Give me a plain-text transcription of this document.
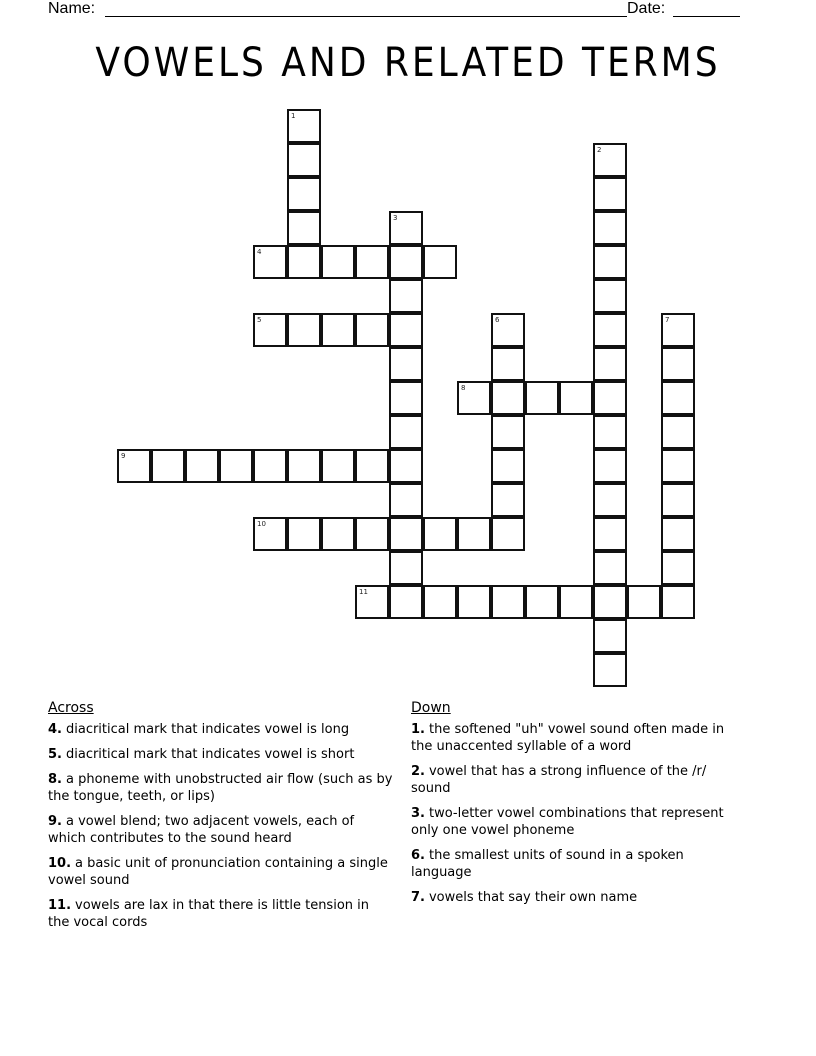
Name:	Date:
VOWELS AND RELATED TERMS
1
2
3
4
5	6	7
8
9
10
11
Across
4. diacritical mark that indicates vowel is long
5. diacritical mark that indicates vowel is short
8. a phoneme with unobstructed air flow (such as by the tongue, teeth, or lips)
9. a vowel blend; two adjacent vowels, each of which contributes to the sound heard
10. a basic unit of pronunciation containing a single vowel sound
11. vowels are lax in that there is little tension in the vocal cords
Down
1. the softened "uh" vowel sound often made in the unaccented syllable of a word
2. vowel that has a strong influence of the /r/ sound
3. two-letter vowel combinations that represent only one vowel phoneme
6. the smallest units of sound in a spoken language
7. vowels that say their own name
